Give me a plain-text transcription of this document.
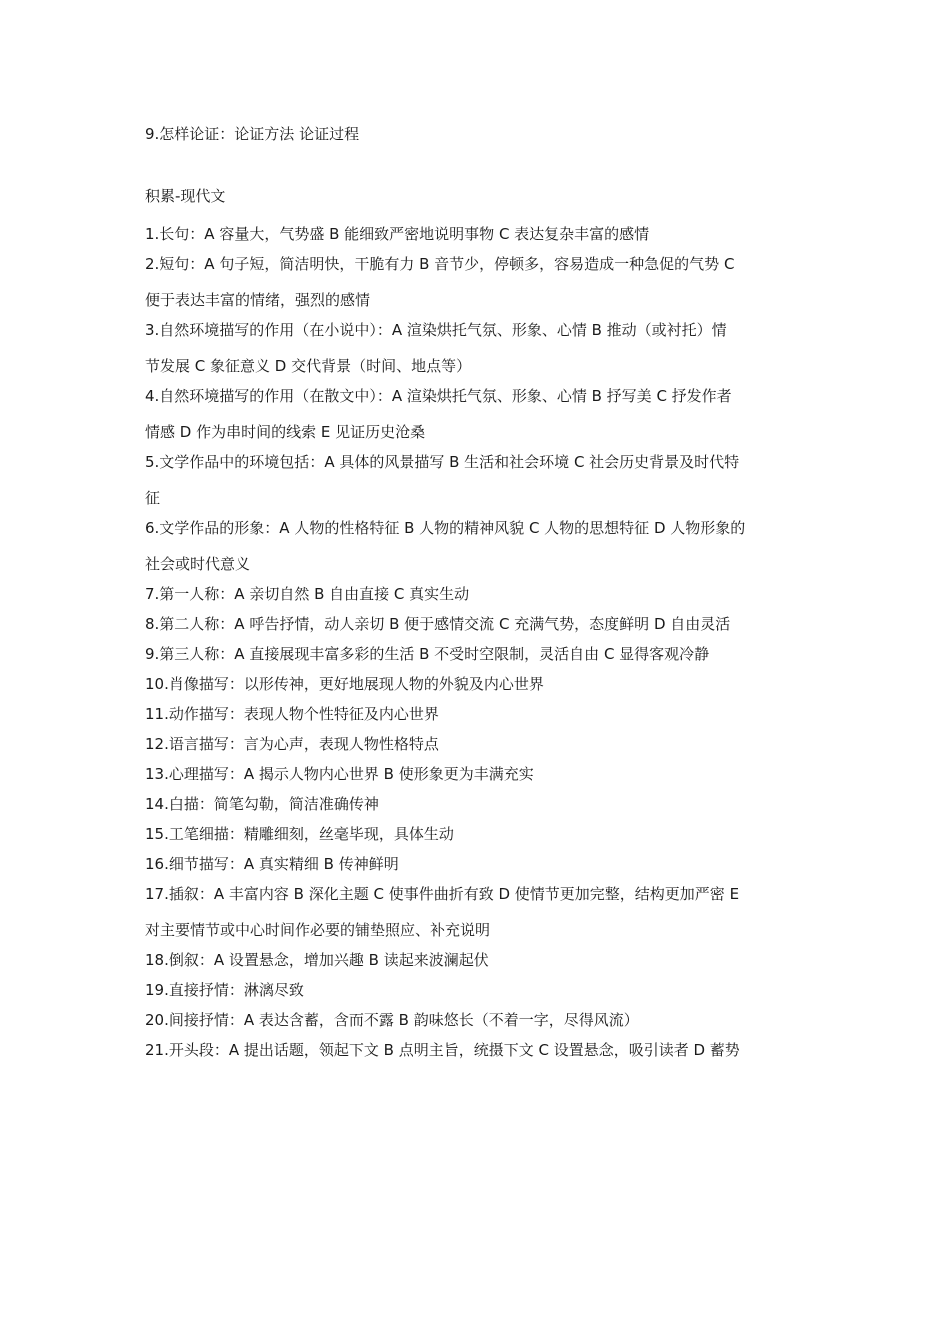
9.怎样论证：论证方法 论证过程
积累-现代文
1.长句：A 容量大，气势盛 B 能细致严密地说明事物 C 表达复杂丰富的感情
2.短句：A 句子短，简洁明快，干脆有力 B 音节少，停顿多，容易造成一种急促的气势 C
便于表达丰富的情绪，强烈的感情
3.自然环境描写的作用（在小说中）：A 渲染烘托气氛、形象、心情 B 推动（或衬托）情
节发展 C 象征意义 D 交代背景（时间、地点等）
4.自然环境描写的作用（在散文中）：A 渲染烘托气氛、形象、心情 B 抒写美 C 抒发作者
情感 D 作为串时间的线索 E 见证历史沧桑
5.文学作品中的环境包括：A 具体的风景描写 B 生活和社会环境 C 社会历史背景及时代特
征
6.文学作品的形象：A 人物的性格特征 B 人物的精神风貌 C 人物的思想特征 D 人物形象的
社会或时代意义
7.第一人称：A 亲切自然 B 自由直接 C 真实生动
8.第二人称：A 呼告抒情，动人亲切 B 便于感情交流 C 充满气势，态度鲜明 D 自由灵活
9.第三人称：A 直接展现丰富多彩的生活 B 不受时空限制，灵活自由 C 显得客观冷静
10.肖像描写：以形传神，更好地展现人物的外貌及内心世界
11.动作描写：表现人物个性特征及内心世界
12.语言描写：言为心声，表现人物性格特点
13.心理描写：A 揭示人物内心世界 B 使形象更为丰满充实
14.白描：简笔勾勒，简洁准确传神
15.工笔细描：精雕细刻，丝毫毕现，具体生动
16.细节描写：A 真实精细 B 传神鲜明
17.插叙：A 丰富内容 B 深化主题 C 使事件曲折有致 D 使情节更加完整，结构更加严密 E
对主要情节或中心时间作必要的铺垫照应、补充说明
18.倒叙：A 设置悬念，增加兴趣 B 读起来波澜起伏
19.直接抒情：淋漓尽致
20.间接抒情：A 表达含蓄，含而不露 B 韵味悠长（不着一字，尽得风流）
21.开头段：A 提出话题，领起下文 B 点明主旨，统摄下文 C 设置悬念，吸引读者 D 蓄势
